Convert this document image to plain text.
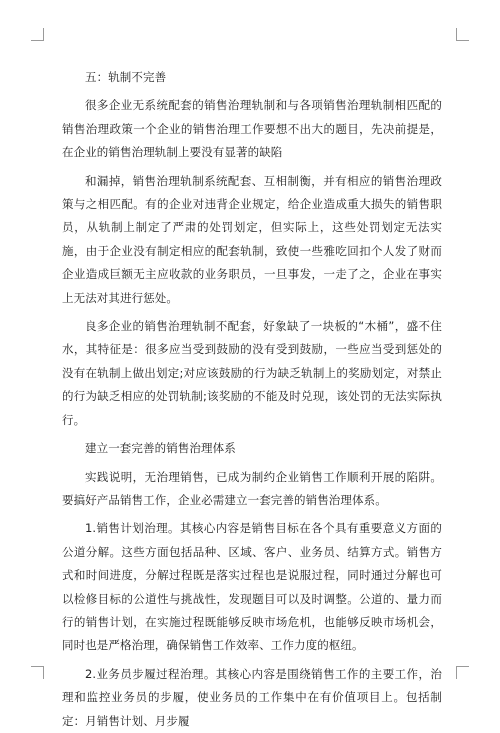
五：轨制不完善

很多企业无系统配套的销售治理轨制和与各项销售治理轨制相匹配的销售治理政策一个企业的销售治理工作要想不出大的题目，先决前提是，在企业的销售治理轨制上要没有显著的缺陷

和漏掉，销售治理轨制系统配套、互相制衡，并有相应的销售治理政策与之相匹配。有的企业对违背企业规定，给企业造成重大损失的销售职员，从轨制上制定了严肃的处罚划定，但实际上，这些处罚划定无法实施，由于企业没有制定相应的配套轨制，致使一些雅吃回扣个人发了财而企业造成巨额无主应收款的业务职员，一旦事发，一走了之，企业在事实上无法对其进行惩处。

良多企业的销售治理轨制不配套，好象缺了一块板的“木桶”，盛不住水，其特征是：很多应当受到鼓励的没有受到鼓励，一些应当受到惩处的没有在轨制上做出划定;对应该鼓励的行为缺乏轨制上的奖励划定，对禁止的行为缺乏相应的处罚轨制;该奖励的不能及时兑现，该处罚的无法实际执行。

建立一套完善的销售治理体系

实践说明，无治理销售，已成为制约企业销售工作顺利开展的陷阱。要搞好产品销售工作，企业必需建立一套完善的销售治理体系。

1.销售计划治理。其核心内容是销售目标在各个具有重要意义方面的公道分解。这些方面包括品种、区域、客户、业务员、结算方式。销售方式和时间进度，分解过程既是落实过程也是说服过程，同时通过分解也可以检修目标的公道性与挑战性，发现题目可以及时调整。公道的、量力而行的销售计划，在实施过程既能够反映市场危机，也能够反映市场机会，同时也是严格治理，确保销售工作效率、工作力度的枢纽。

2.业务员步履过程治理。其核心内容是围绕销售工作的主要工作，治理和监控业务员的步履，使业务员的工作集中在有价值项目上。包括制定：月销售计划、月步履
